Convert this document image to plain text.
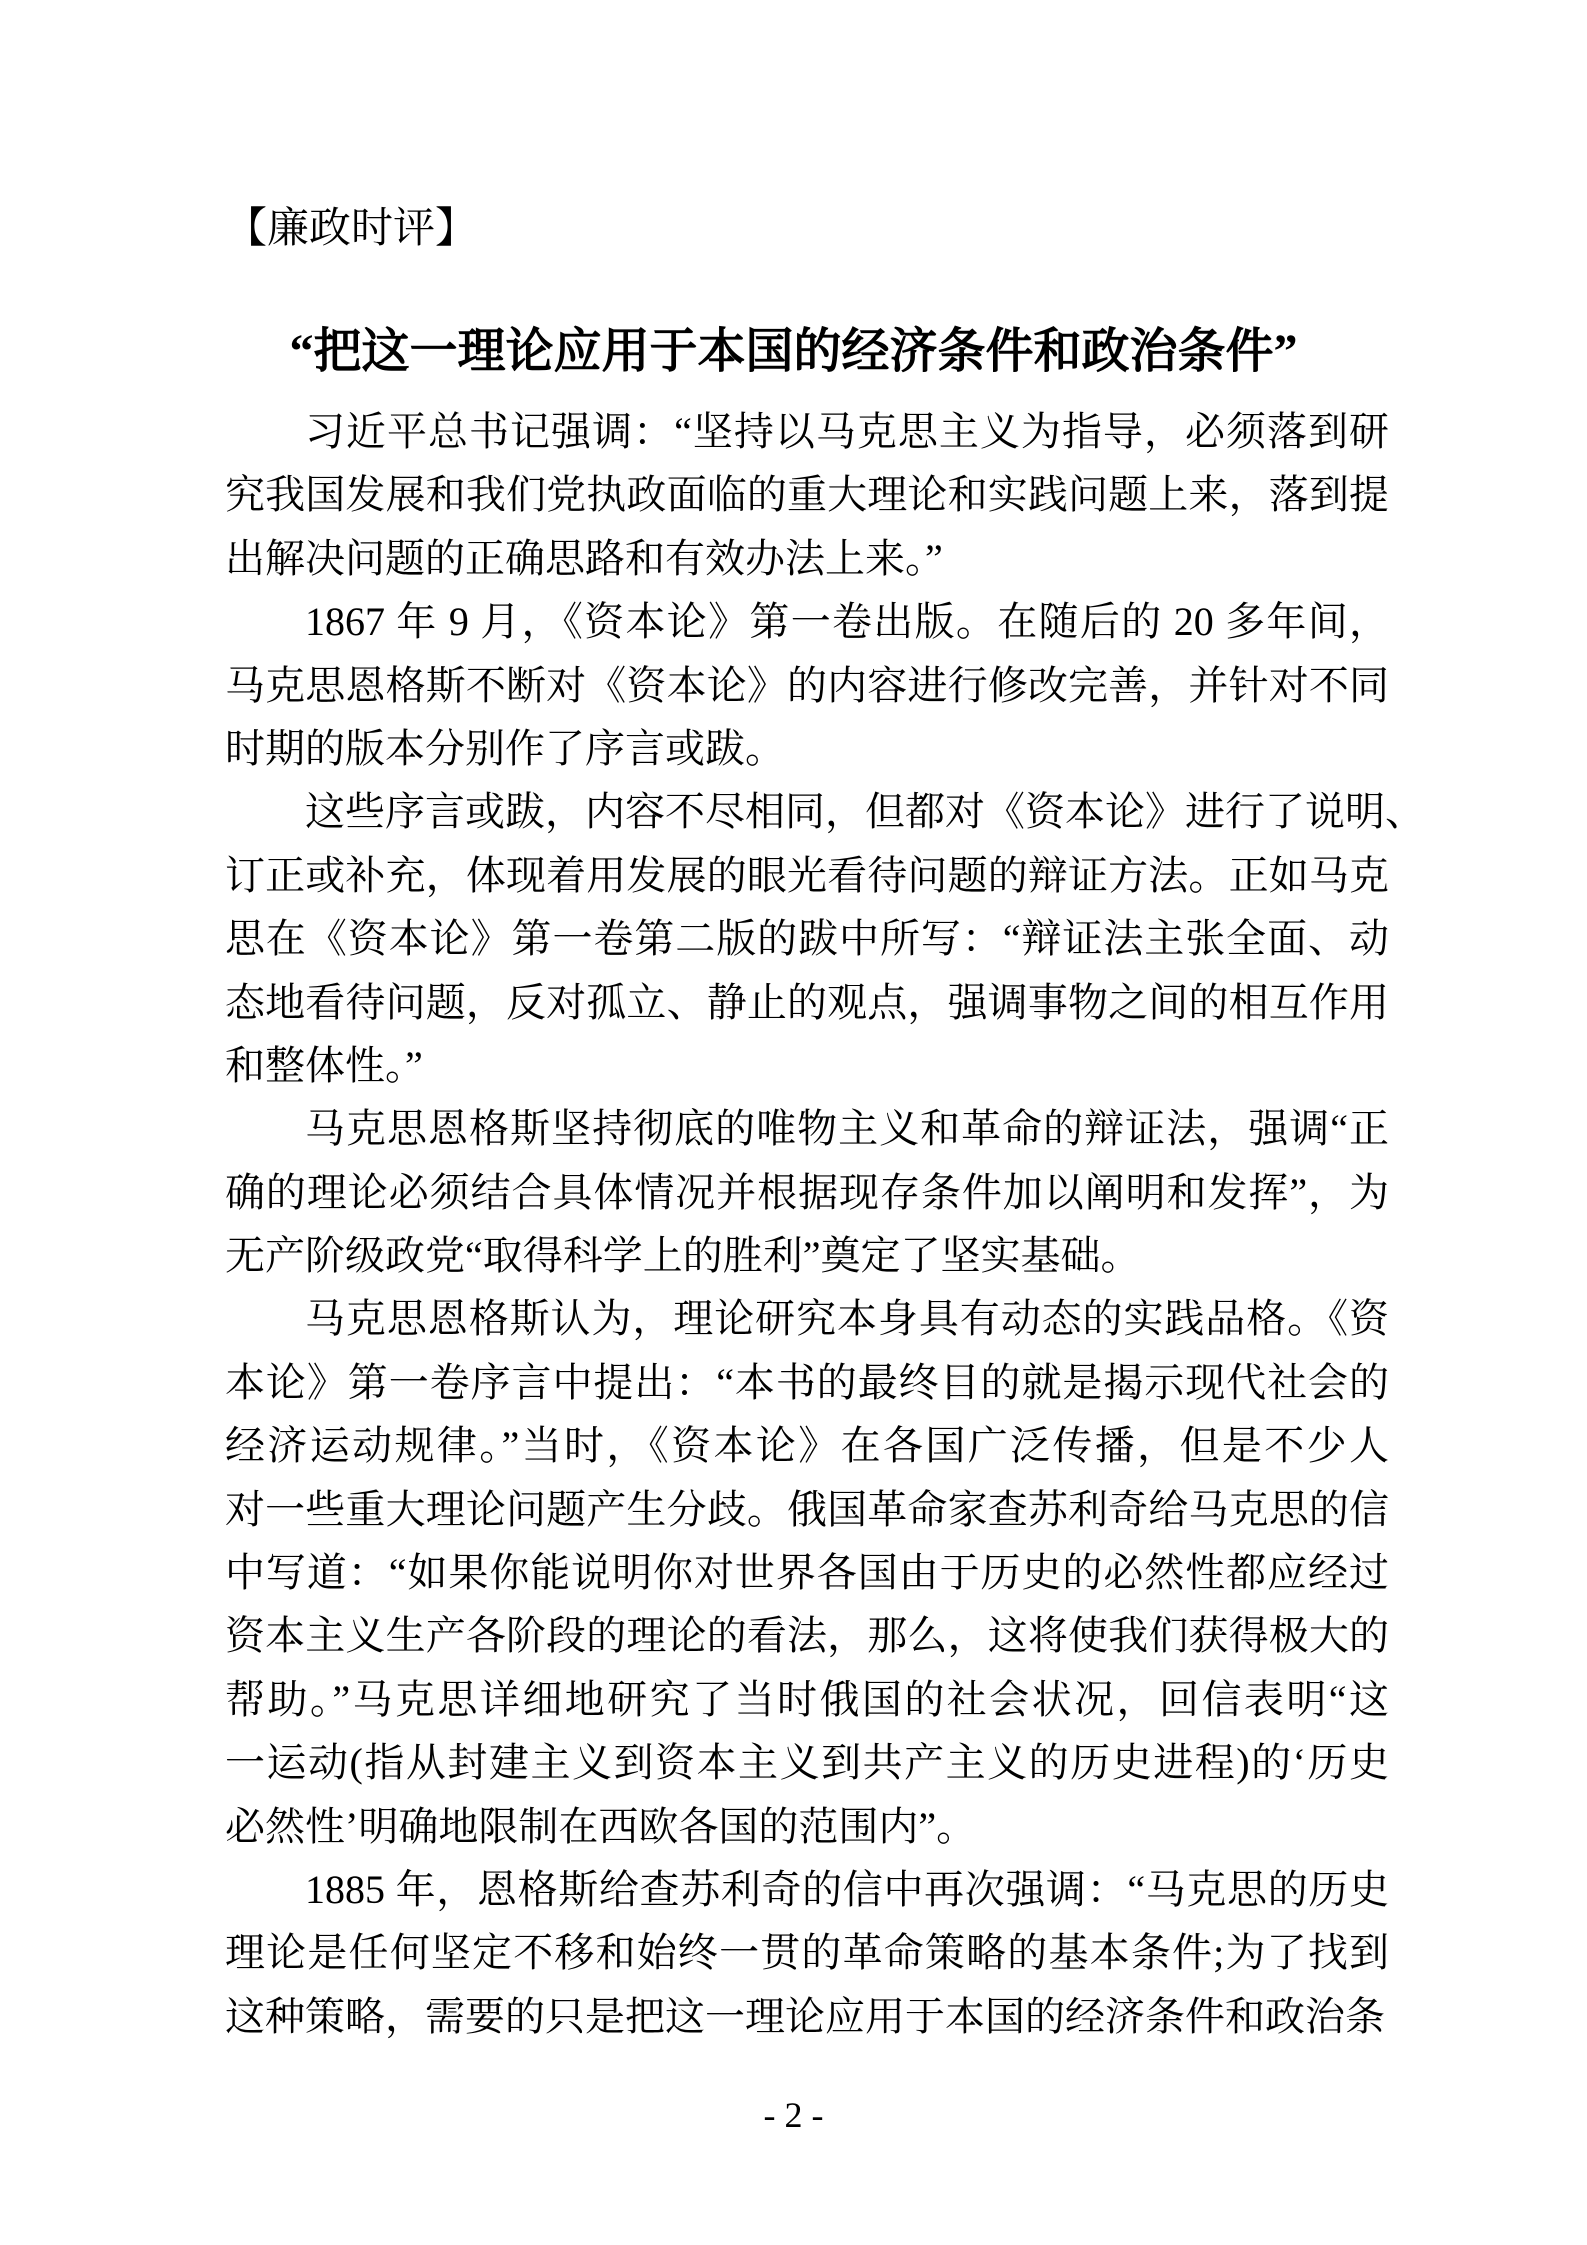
【廉政时评】
“把这一理论应用于本国的经济条件和政治条件”

习近平总书记强调：“坚持以马克思主义为指导，必须落到研
究我国发展和我们党执政面临的重大理论和实践问题上来，落到提
出解决问题的正确思路和有效办法上来。”

1867 年 9 月，《资本论》第一卷出版。在随后的 20 多年间，
马克思恩格斯不断对《资本论》的内容进行修改完善，并针对不同
时期的版本分别作了序言或跋。

这些序言或跋，内容不尽相同，但都对《资本论》进行了说明、
订正或补充，体现着用发展的眼光看待问题的辩证方法。正如马克
思在《资本论》第一卷第二版的跋中所写：“辩证法主张全面、动
态地看待问题，反对孤立、静止的观点，强调事物之间的相互作用
和整体性。”

马克思恩格斯坚持彻底的唯物主义和革命的辩证法，强调“正
确的理论必须结合具体情况并根据现存条件加以阐明和发挥”，为
无产阶级政党“取得科学上的胜利”奠定了坚实基础。

马克思恩格斯认为，理论研究本身具有动态的实践品格。《资
本论》第一卷序言中提出：“本书的最终目的就是揭示现代社会的
经济运动规律。”当时，《资本论》在各国广泛传播，但是不少人
对一些重大理论问题产生分歧。俄国革命家查苏利奇给马克思的信
中写道：“如果你能说明你对世界各国由于历史的必然性都应经过
资本主义生产各阶段的理论的看法，那么，这将使我们获得极大的
帮助。”马克思详细地研究了当时俄国的社会状况，回信表明“这
一运动(指从封建主义到资本主义到共产主义的历史进程)的‘历史
必然性’明确地限制在西欧各国的范围内”。

1885 年，恩格斯给查苏利奇的信中再次强调：“马克思的历史
理论是任何坚定不移和始终一贯的革命策略的基本条件;为了找到
这种策略，需要的只是把这一理论应用于本国的经济条件和政治条

- 2 -
